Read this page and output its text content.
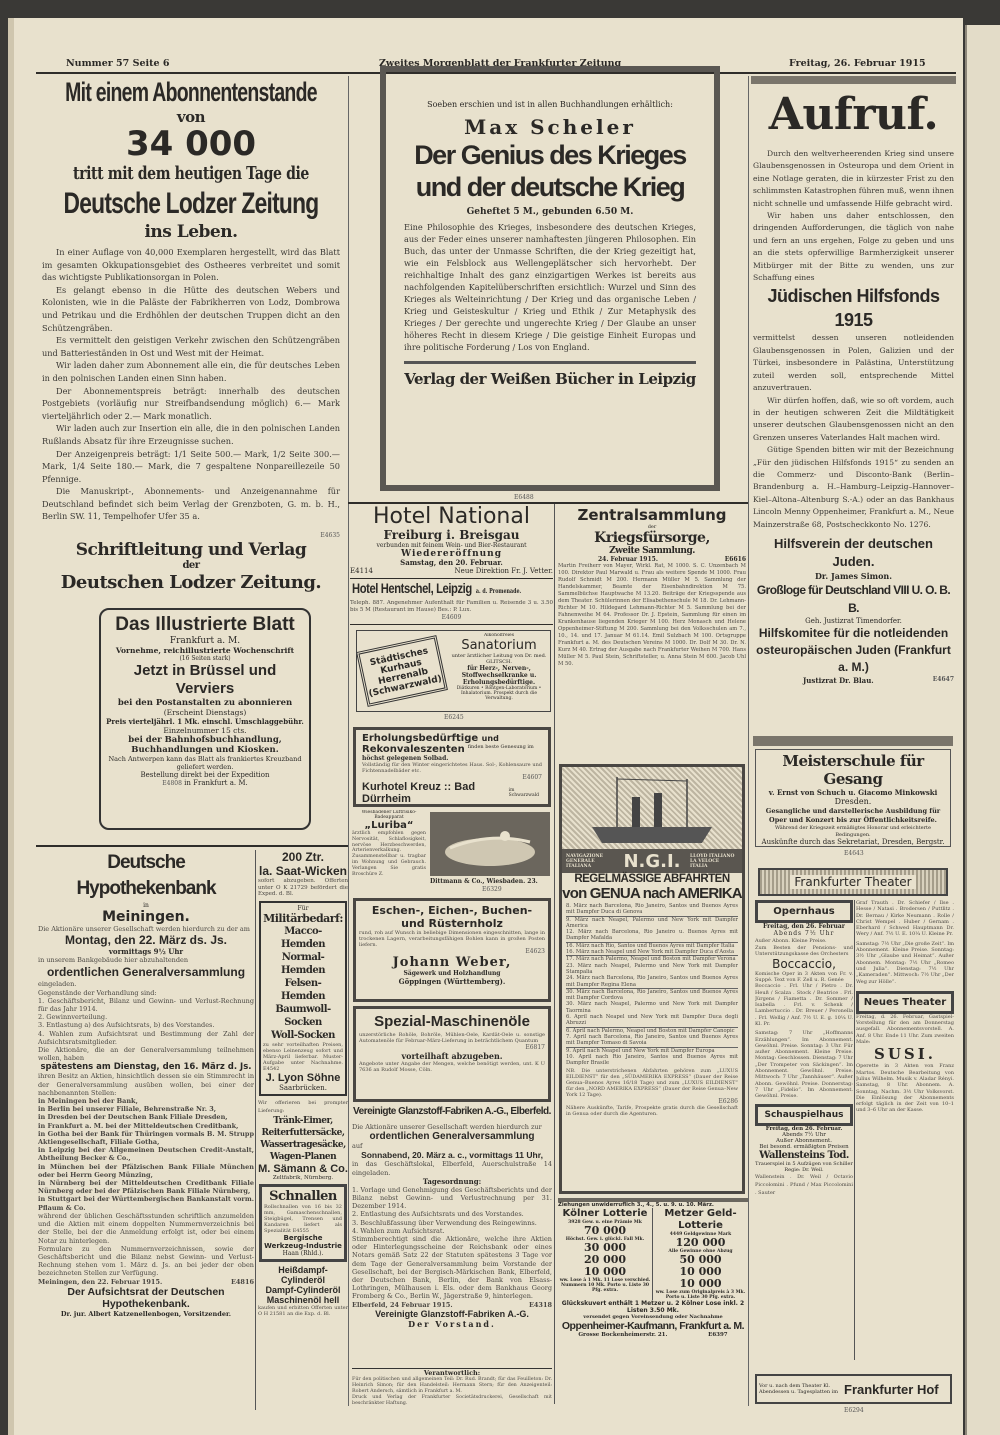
Nummer 57 Seite 6	Zweites Morgenblatt der Frankfurter Zeitung	Freitag, 26. Februar 1915
Mit einem Abonnentenstande
von
34 000
tritt mit dem heutigen Tage die
Deutsche Lodzer Zeitung
ins Leben.

In einer Auflage von 40,000 Exemplaren hergestellt, wird das Blatt im gesamten Okkupationsgebiet des Ostheeres verbreitet und somit das wichtigste Publikationsorgan in Polen.

Es gelangt ebenso in die Hütte des deutschen Webers und Kolonisten, wie in die Paläste der Fabrikherren von Lodz, Dombrowa und Petrikau und die Erdhöhlen der deutschen Truppen dicht an den Schützengräben.

Es vermittelt den geistigen Verkehr zwischen den Schützengräben und Batterieständen in Ost und West mit der Heimat.

Wir laden daher zum Abonnement alle ein, die für deutsches Leben in den polnischen Landen einen Sinn haben.

Der Abonnementspreis beträgt: innerhalb des deutschen Postgebiets (vorläufig nur Streifbandsendung möglich) 6.— Mark vierteljährlich oder 2.— Mark monatlich.

Wir laden auch zur Insertion ein alle, die in den polnischen Landen Rußlands Absatz für ihre Erzeugnisse suchen.

Der Anzeigenpreis beträgt: 1/1 Seite 500.— Mark, 1/2 Seite 300.— Mark, 1/4 Seite 180.— Mark, die 7 gespaltene Nonpareillezeile 50 Pfennige.

Die Manuskript-, Abonnements- und Anzeigenannahme für Deutschland befindet sich beim Verlag der Grenzboten, G. m. b. H., Berlin SW. 11, Tempelhofer Ufer 35 a.

E4635
Schriftleitung und Verlag
der
Deutschen Lodzer Zeitung.
Das Illustrierte Blatt
Frankfurt a. M.
Vornehme, reichillustrierte Wochenschrift
(16 Seiten stark)
Jetzt in Brüssel und Verviers
bei den Postanstalten zu abonnieren
(Erscheint Dienstags)
Preis vierteljährl. 1 Mk. einschl. Umschlaggebühr.
Einzelnummer 15 cts.
bei der Bahnhofsbuchhandlung,
Buchhandlungen und Kiosken.
Nach Antwerpen kann das Blatt als frankiertes Kreuzband geliefert werden.
Bestellung direkt bei der Expedition
E4808 in Frankfurt a. M.
Deutsche Hypothekenbank
in
Meiningen.
Die Aktionäre unserer Gesellschaft werden hierdurch zu der am
Montag, den 22. März ds. Js.
vormittags 9½ Uhr
in unserem Bankgebäude hier abzuhaltenden
ordentlichen Generalversammlung
eingeladen.
Gegenstände der Verhandlung sind:
1. Geschäftsbericht, Bilanz und Gewinn- und Verlust-Rechnung für das Jahr 1914.
2. Gewinnverteilung.
3. Entlastung a) des Aufsichtsrats, b) des Vorstandes.
4. Wahlen zum Aufsichtsrat und Bestimmung der Zahl der Aufsichtsratsmitglieder.
Die Aktionäre, die an der Generalversammlung teilnehmen wollen, haben
spätestens am Dienstag, den 16. März d. Js.
ihren Besitz an Aktien, hinsichtlich dessen sie ein Stimmrecht in der Generalversammlung ausüben wollen, bei einer der nachbenannten Stellen:
in Meiningen bei der Bank,
in Berlin bei unserer Filiale, Behrenstraße Nr. 3,
in Dresden bei der Deutschen Bank Filiale Dresden,
in Frankfurt a. M. bei der Mitteldeutschen Creditbank,
in Gotha bei der Bank für Thüringen vormals B. M. Strupp Aktiengesellschaft, Filiale Gotha,
in Leipzig bei der Allgemeinen Deutschen Credit-Anstalt, Abtheilung Becker & Co.,
in München bei der Pfälzischen Bank Filiale München oder bei Herrn Georg Münzing,
in Nürnberg bei der Mitteldeutschen Creditbank Filiale Nürnberg oder bei der Pfälzischen Bank Filiale Nürnberg,
in Stuttgart bei der Württembergischen Bankanstalt vorm. Pflaum & Co.
während der üblichen Geschäftsstunden schriftlich anzumelden und die Aktien mit einem doppelten Nummernverzeichnis bei der Stelle, bei der die Anmeldung erfolgt ist, oder bei einem Notar zu hinterlegen.
Formulare zu den Nummernverzeichnissen, sowie der Geschäftsbericht und die Bilanz nebst Gewinn- und Verlust-Rechnung stehen vom 1. März d. Js. an bei jeder der oben bezeichneten Stellen zur Verfügung.
Meiningen, den 22. Februar 1915.	E4816
Der Aufsichtsrat der Deutschen Hypothekenbank.
Dr. jur. Albert Katzenellenbogen, Vorsitzender.
200 Ztr.
la. Saat-Wicken
sofort abzugeben. Offerten unter O K 21729 befördert die Exped. d. Bl.
Für
Militärbedarf:
Macco-Hemden
Normal-Hemden
Felsen-Hemden
Baumwoll-Socken
Woll-Socken
zu sehr vorteilhaften Preisen, ebenso Leinenzeug sofort und März-April lieferbar. Muster-Aufgabe unter Nachnahme. E4542
J. Lyon Söhne
Saarbrücken.
Wir offerieren bei prompter Lieferung:
Tränk-Eimer,
Reiterfuttersäcke,
Wassertragesäcke,
Wagen-Planen
M. Sämann & Co.
Zeltfabrik, Nürnberg.
Schnallen
Rollschnallen von 16 bis 32 mm, Gamaschenschnallen, Steigbügel, Trensen und Kandaren liefert als Spezialität E4555
Bergische Werkzeug-Industrie
Haan (Rhld.).
Heißdampf-Cylinderöl
Dampf-Cylinderöl
Maschinenöl hell
kaufen und erbitten Offerten unter O H 21581 an die Exp. d. Bl.
Soeben erschien und ist in allen Buchhandlungen erhältlich:
Max Scheler
Der Genius des Krieges
und der deutsche Krieg
Geheftet 5 M., gebunden 6.50 M.
Eine Philosophie des Krieges, insbesondere des deutschen Krieges, aus der Feder eines unserer namhaftesten jüngeren Philosophen. Ein Buch, das unter der Unmasse Schriften, die der Krieg gezeitigt hat, wie ein Felsblock aus Wellengeplätscher sich hervorhebt. Der reichhaltige Inhalt des ganz einzigartigen Werkes ist bereits aus nachfolgenden Kapitelüberschriften ersichtlich: Wurzel und Sinn des Krieges als Welteinrichtung / Der Krieg und das organische Leben / Krieg und Geisteskultur / Krieg und Ethik / Zur Metaphysik des Krieges / Der gerechte und ungerechte Krieg / Der Glaube an unser höheres Recht in diesem Kriege / Die geistige Einheit Europas und ihre politische Forderung / Los von England.
Verlag der Weißen Bücher in Leipzig
E6488
Hotel National
Freiburg i. Breisgau
verbunden mit feinem Wein- und Bier-Restaurant
Wiedereröffnung
Samstag, den 20. Februar.
E4114	Neue Direktion Fr. J. Vetter.
Hotel Hentschel, Leipzig a. d. Promenade.
Teleph. 887. Angenehmer Aufenthalt für Familien u. Reisende 3 u. 3.50 bis 5 M (Restaurant im Hause) Bes.: P. Lux.
E4609
Städtisches Kurhaus Herrenalb (Schwarzwald)
Alkoholfreies
Sanatorium
unter ärztlicher Leitung von Dr. med. GLITSCH.
für Herz-, Nerven-, Stoffwechselkranke u. Erholungsbedürftige.
Diätkuren • Röntgen-Laboratorium • Inhalatorium. Prospekt durch die Verwaltung.
E6245
Erholungsbedürftige und
Rekonvaleszenten finden beste Genesung im
höchst gelegenen Solbad.
Vollständig für den Winter eingerichtetes Haus. Sol-, Kohlensaure und Fichtennadelbäder etc.
E4607
Kurhotel Kreuz :: Bad Dürrheim
im Schwarzwald
Wiesbadener Luftrisiko-Badeapparat
„Luriba“
ärztlich empfohlen gegen Nervosität, Schlaflosigkeit, nervöse Herzbeschwerden, Arterienverkalkung. Zusammenstellbar u. tragbar im Wohnung und Gebrauch. Verlangen Sie gratis Broschüre Z.
Dittmann & Co., Wiesbaden. 23.
E6329
Eschen-, Eichen-, Buchen-
und Rüsternholz
rund, roh auf Wunsch in beliebige Dimensionen eingeschnitten, lange in trockenen Lagern, verarbeitungsfähigen Bohlen kann in großen Posten liefern.
E4623
Johann Weber,
Sägewerk und Holzhandlung
Göppingen (Württemberg).
Spezial-Maschinenöle
unzerstörliche Rohöle, Bohröle, Mühlen-Oele, Kardät-Oele u. sonstige Automatenöle für Februar-März-Lieferung in beträchtlichem Quantum
E6817
vorteilhaft abzugeben.
Angebote unter Angabe der Mengen, welche benötigt werden, unt. K U 7636 an Rudolf Mosse, Cöln.
Vereinigte Glanzstoff-Fabriken A.-G., Elberfeld.
Die Aktionäre unserer Gesellschaft werden hierdurch zur
ordentlichen Generalversammlung
auf
Sonnabend, 20. März a. c., vormittags 11 Uhr,
in das Geschäftslokal, Elberfeld, Auerschulstraße 14 eingeladen.
Tagesordnung:
1. Vorlage und Genehmigung des Geschäftsberichts und der Bilanz nebst Gewinn- und Verlustrechnung per 31. Dezember 1914.
2. Entlastung des Aufsichtsrats und des Vorstandes.
3. Beschlußfassung über Verwendung des Reingewinns.
4. Wahlen zum Aufsichtsrat.
Stimmberechtigt sind die Aktionäre, welche ihre Aktien oder Hinterlegungsscheine der Reichsbank oder eines Notars gemäß Satz 22 der Statuten spätestens 3 Tage vor dem Tage der Generalversammlung beim Vorstande der Gesellschaft, bei der Bergisch-Märkischen Bank, Elberfeld, der Deutschen Bank, Berlin, der Bank von Elsass-Lothringen, Mülhausen i. Els. oder dem Bankhaus Georg Fromberg & Co., Berlin W., Jägerstraße 9, hinterlegen.
Elberfeld, 24 Februar 1915.	E4318
Vereinigte Glanzstoff-Fabriken A.-G.
Der Vorstand.
Verantwortlich:
Für den politischen und allgemeinen Teil: Dr. Rud. Brandt; für das Feuilleton: Dr. Heinrich Simon; für den Handelsteil: Hermann Stern; für den Anzeigenteil: Robert Andersch, sämtlich in Frankfurt a. M.
Druck und Verlag der Frankfurter Societätsdruckerei, Gesellschaft mit beschränkter Haftung.
Zentralsammlung
der
Kriegsfürsorge,
Zweite Sammlung.
24. Februar 1915.	E6616
Martin Freiherr von Mayer, Wirkl. Rat, M 1000. S. C. Unzenbach M 100. Direktor Paul Marwald u. Frau als weitere Spende M 1000. Frau Rudolf Schmidt M 200. Hermann Müller M 5. Sammlung der Handelskammer, Beamte der Eisenbahndirektion M 75. Sammelbüchse Hauptwache M 13.20. Beiträge der Kriegsspende aus dem Theater. Schülerinnen der Elisabethenschule M 18. Dr. Lehmann-Richter M 10. Hildegard Lehmann-Richter M 5. Sammlung bei der Fahnenweihe M 64. Professor Dr. J. Epstein, Sammlung für einen im Krankenhause liegenden Krieger M 100. Herz Monasch und Helene Oppenheimer-Stiftung M 200. Sammlung bei den Volksschulen am 7., 10., 14. und 17. Januar M 61.14. Emil Sulzbach M 100. Ortsgruppe Frankfurt a. M. des Deutschen Vereins M 1000. Dr. Dolf M 30. Dr. N. Kurz M 40. Ertrag der Ausgabe nach Frankfurter Weihen M 700. Hans Müller M 5. Paul Stein, Schriftsteller, u. Anna Stein M 600. Jacob Uhl M 50.
NAVIGAZIONE GENERALE ITALIANA	N.G.I. LLOYD ITALIANO LA VELOCE ITALIA
REGELMÄSSIGE ABFAHRTEN
von GENUA nach AMERIKA
8. März nach Barcelona, Rio Janeiro, Santos und Buenos Ayres mit Dampfer Duca di Genova
9. März nach Neapel, Palermo und New York mit Dampfer America
12. März nach Barcelona, Rio Janeiro u. Buenos Ayres mit Dampfer Mafalda
16. März nach Rio, Santos und Buenos Ayres mit Dampfer Italia
16. März nach Neapel und New York mit Dampfer Duca d'Aosta
17. März nach Palermo, Neapel und Boston mit Dampfer Verona
23. März nach Neapel, Palermo und New York mit Dampfer Stampalia
24. März nach Barcelona, Rio Janeiro, Santos und Buenos Ayres mit Dampfer Regina Elena
30. März nach Barcelona, Rio Janeiro, Santos und Buenos Ayres mit Dampfer Cordova
30. März nach Neapel, Palermo und New York mit Dampfer Taormina
6. April nach Neapel und New York mit Dampfer Duca degli Abruzzi
6. April nach Palermo, Neapel und Boston mit Dampfer Canopic
7. April nach Barcelona, Rio Janeiro, Santos und Buenos Ayres mit Dampfer Tomaso di Savoia
9. April nach Neapel und New York mit Dampfer Europa
10. April nach Rio Janeiro, Santos und Buenos Ayres mit Dampfer Brasile
NB. Die unterstrichenen Abfahrten gehören zum „LUXUS EILDIENST“ für den „SÜDAMERIKA EXPRESS“ (Dauer der Reise Genua–Buenos Ayres 16/18 Tage) und zum „LUXUS EILDIENST“ für den „NORD AMERIKA EXPRESS“ (Dauer der Reise Genua–New York 12 Tage).
E6286
Nähere Auskünfte, Tarife, Prospekte gratis durch die Gesellschaft in Genua oder durch die Agenturen.
Ziehungen unwiderruflich 3., 4., 5. u. 9. u. 10. März.
Kölner Lotterie
3928 Gew. u. eine Prämie Mk
70 000
Höchst. Gew. i. glückl. Fall Mk.
30 000
20 000
10 000
ww. Lose à 1 Mk. 11 Lose verschied. Nummern 10 Mk. Porto u. Liste 30 Pfg. extra.
Metzer Geld-Lotterie
4449 Geldgewinne Mark
120 000
Alle Gewinne ohne Abzug
50 000
10 000
10 000
ww. Lose zum Originalpreis à 3 Mk. Porto u. Liste 30 Pfg. extra.
Glückskuvert enthält 1 Metzer u. 2 Kölner Lose inkl. 2 Listen 3.50 Mk.
versendet gegen Voreinsendung oder Nachnahme
Oppenheimer-Kaufmann, Frankfurt a. M.
Grosse Bockenheimerstr. 21.	E6397
Aufruf.

Durch den weltverheerenden Krieg sind unsere Glaubensgenossen in Osteuropa und dem Orient in eine Notlage geraten, die in kürzester Frist zu den schlimmsten Katastrophen führen muß, wenn ihnen nicht schnelle und umfassende Hilfe gebracht wird.

Wir haben uns daher entschlossen, den dringenden Aufforderungen, die täglich von nahe und fern an uns ergehen, Folge zu geben und uns an die stets opferwillige Barmherzigkeit unserer Mitbürger mit der Bitte zu wenden, uns zur Schaffung eines

Jüdischen Hilfsfonds 1915

vermittelst dessen unseren notleidenden Glaubensgenossen in Polen, Galizien und der Türkei, insbesondere in Palästina, Unterstützung zuteil werden soll, entsprechende Mittel anzuvertrauen.

Wir dürfen hoffen, daß, wie so oft vordem, auch in der heutigen schweren Zeit die Mildtätigkeit unserer deutschen Glaubensgenossen nicht an den Grenzen unseres Vaterlandes Halt machen wird.

Gütige Spenden bitten wir mit der Bezeichnung „Für den jüdischen Hilfsfonds 1915“ zu senden an die Commerz- und Disconto-Bank (Berlin–Brandenburg a. H.–Hamburg–Leipzig–Hannover–Kiel–Altona–Altenburg S.-A.) oder an das Bankhaus Lincoln Menny Oppenheimer, Frankfurt a. M., Neue Mainzerstraße 68, Postscheckkonto No. 1276.

Hilfsverein der deutschen Juden.
Dr. James Simon.
Großloge für Deutschland VIII U. O. B. B.
Geh. Justizrat Timendorfer.
Hilfskomitee für die notleidenden osteuropäischen Juden (Frankfurt a. M.)
Justizrat Dr. Blau.	E4647
Meisterschule für Gesang
v. Ernst von Schuch u. Giacomo Minkowski
Dresden.
Gesangliche und darstellerische Ausbildung für Oper und Konzert bis zur Öffentlichkeitsreife.
Während der Kriegszeit ermäßigtes Honorar und erleichterte Bedingungen.
Auskünfte durch das Sekretariat, Dresden, Bergstr.
E4643
Frankfurter Theater
Opernhaus
Freitag, den 26. Februar
Abends 7½ Uhr
Außer Abonn. Kleine Preise.
Zum Besten der Pensions- und Unterstützungskasse des Orchesters
Boccaccio,
Komische Oper in 3 Akten von Fr. v. Suppé. Text von F. Zell u. R. Genée
Boccaccio . Frl. Uhr / Pietro . Dr. Heuß / Scalza . Stock / Beatrice . Frl. Jürgens / Fiametta . Dr. Sommer / Isabella . Frl. v. Schenk / Lambertuccio . Dr. Breuer / Peronella . Frl. Wellig / Anf. 7½ U. E. g. 10¼ U. Kl. Pr.
Samstag: 7 Uhr „Hoffmanns Erzählungen“. Im Abonnement. Gewöhnl. Preise. Sonntag: 3 Uhr. Für außer Abonnement. Kleine Preise. Montag: Geschlossen. Dienstag: 7 Uhr „Der Trompeter von Säckingen“. Im Abonnement. Gewöhnl. Preise. Mittwoch: 7 Uhr „Tannhäuser“. Außer Abonn. Gewöhnl. Preise. Donnerstag: 7 Uhr „Fidelio“. Im Abonnement. Gewöhnl. Preise.
Schauspielhaus
Freitag, den 26. Februar.
Abends 7½ Uhr
Außer Abonnement.
Bei besond. ermäßigten Preisen
Wallensteins Tod.
Trauerspiel in 5 Aufzügen von Schiller
Regie: Dr. Weil.
Wallenstein . Dr. Weil / Octavio Piccolomini . Pfund / Max Piccolomini . Sauter
Graf Trauth . Dr. Schiefer / Ilse . Hesse / Natasi . Brodersen / Puttlitz . Dr. Bernau / Kirke Neumann . Rolle / Christ Wempel . Huber / Gernam . Eberhard / Schwed Hauptmann Dr. Wery / Anf. 7½ U. E. 10¼ U. Kleine Pr.
Samstag: 7½ Uhr „Die große Zeit“. Im Abonnement. Kleine Preise. Sonntag: 3½ Uhr „Glaube und Heimat“. Außer Abonnem. Montag: 7½ Uhr „Romeo und Julia“. Dienstag: 7½ Uhr „Kameraden“. Mittwoch: 7½ Uhr „Der Weg zur Hölle“.
Neues Theater
Freitag, d. 26. Februar, Gastspiel-Vorstellung für den am Donnerstag ausgefall. Abonnementsvorstell. A. Anf. 8 Uhr. Ende 11 Uhr. Zum zweiten Male:
SUSI.
Operette in 3 Akten von Franz Martos. Deutsche Bearbeitung von Julius Wilhelm. Musik v. Aladar Rényi. Samstag, 8 Uhr. Abonnem. A. Sonntag, Nachm. 3½ Uhr Volksvorst. Die Einlösung der Abonnements erfolgt täglich in der Zeit von 10–1 und 3–6 Uhr an der Kasse.
Vor u. nach dem Theater Kl. Abendessen u. Tagesplatten im Frankfurter Hof
E6294
